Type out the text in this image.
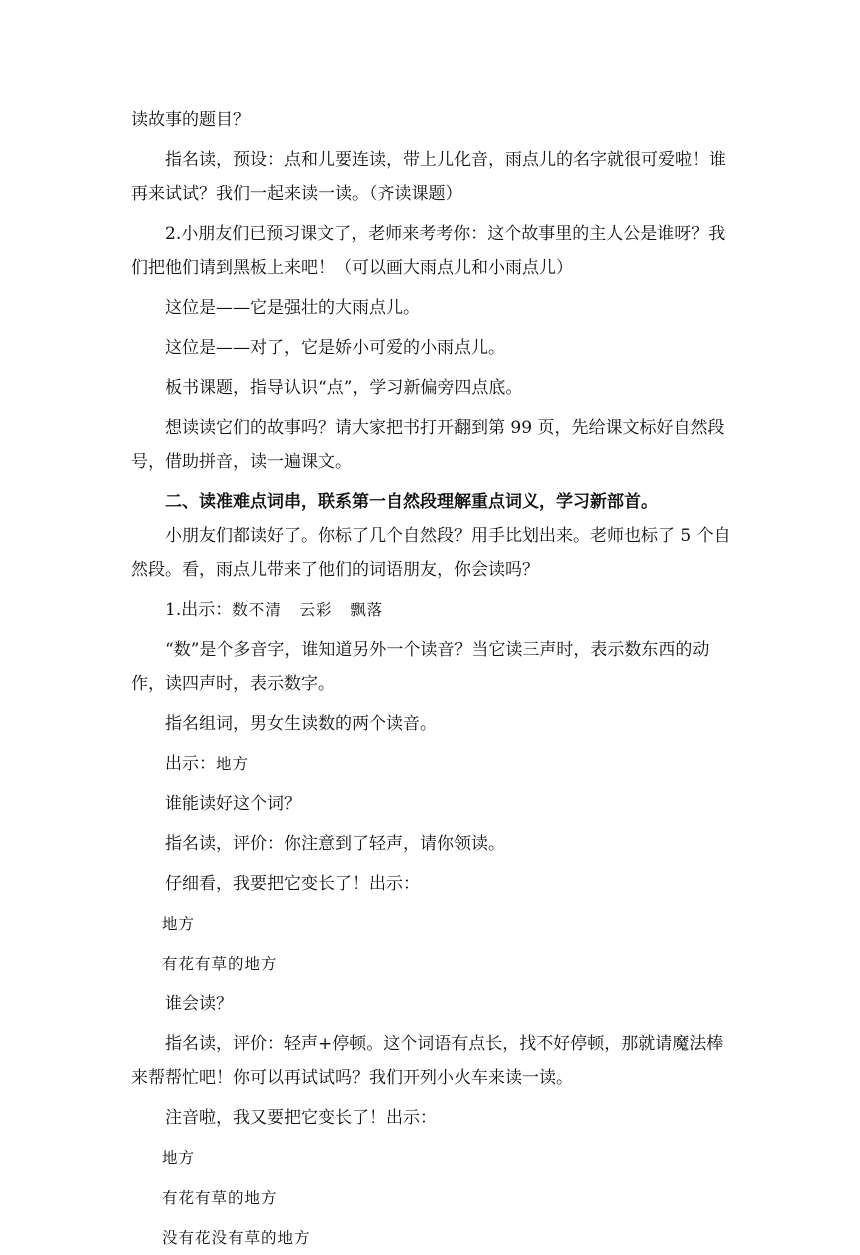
读故事的题目？

指名读，预设：点和儿要连读，带上儿化音，雨点儿的名字就很可爱啦！谁再来试试？我们一起来读一读。（齐读课题）

2.小朋友们已预习课文了，老师来考考你：这个故事里的主人公是谁呀？我们把他们请到黑板上来吧！（可以画大雨点儿和小雨点儿）

这位是——它是强壮的大雨点儿。

这位是——对了，它是娇小可爱的小雨点儿。

板书课题，指导认识“点”，学习新偏旁四点底。

想读读它们的故事吗？请大家把书打开翻到第 99 页，先给课文标好自然段号，借助拼音，读一遍课文。

二、读准难点词串，联系第一自然段理解重点词义，学习新部首。

小朋友们都读好了。你标了几个自然段？用手比划出来。老师也标了 5 个自然段。看，雨点儿带来了他们的词语朋友，你会读吗？

1.出示：数不清   云彩   飘落

“数”是个多音字，谁知道另外一个读音？当它读三声时，表示数东西的动作，读四声时，表示数字。

指名组词，男女生读数的两个读音。

出示：地方

谁能读好这个词？

指名读，评价：你注意到了轻声，请你领读。

仔细看，我要把它变长了！出示：

地方

有花有草的地方

谁会读？

指名读，评价：轻声+停顿。这个词语有点长，找不好停顿，那就请魔法棒来帮帮忙吧！你可以再试试吗？我们开列小火车来读一读。

注音啦，我又要把它变长了！出示：

地方

有花有草的地方

没有花没有草的地方
